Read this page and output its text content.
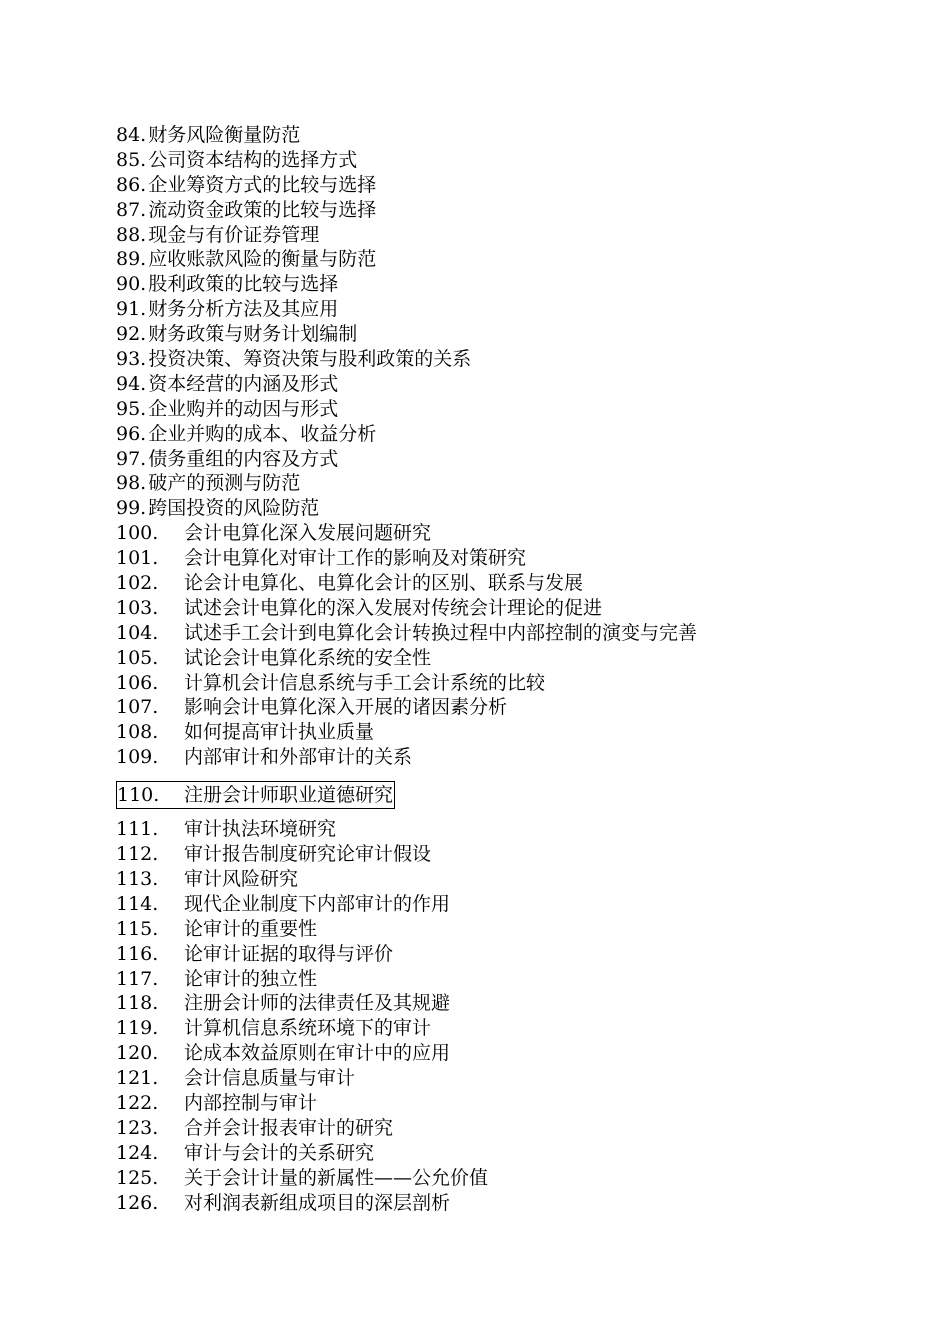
84. 财务风险衡量防范
85. 公司资本结构的选择方式
86. 企业筹资方式的比较与选择
87. 流动资金政策的比较与选择
88. 现金与有价证券管理
89. 应收账款风险的衡量与防范
90. 股利政策的比较与选择
91. 财务分析方法及其应用
92. 财务政策与财务计划编制
93. 投资决策、筹资决策与股利政策的关系
94. 资本经营的内涵及形式
95. 企业购并的动因与形式
96. 企业并购的成本、收益分析
97. 债务重组的内容及方式
98. 破产的预测与防范
99. 跨国投资的风险防范
100. 会计电算化深入发展问题研究
101. 会计电算化对审计工作的影响及对策研究
102. 论会计电算化、电算化会计的区别、联系与发展
103. 试述会计电算化的深入发展对传统会计理论的促进
104. 试述手工会计到电算化会计转换过程中内部控制的演变与完善
105. 试论会计电算化系统的安全性
106. 计算机会计信息系统与手工会计系统的比较
107. 影响会计电算化深入开展的诸因素分析
108. 如何提高审计执业质量
109. 内部审计和外部审计的关系
110. 注册会计师职业道德研究
111. 审计执法环境研究
112. 审计报告制度研究论审计假设
113. 审计风险研究
114. 现代企业制度下内部审计的作用
115. 论审计的重要性
116. 论审计证据的取得与评价
117. 论审计的独立性
118. 注册会计师的法律责任及其规避
119. 计算机信息系统环境下的审计
120. 论成本效益原则在审计中的应用
121. 会计信息质量与审计
122. 内部控制与审计
123. 合并会计报表审计的研究
124. 审计与会计的关系研究
125. 关于会计计量的新属性——公允价值
126. 对利润表新组成项目的深层剖析
